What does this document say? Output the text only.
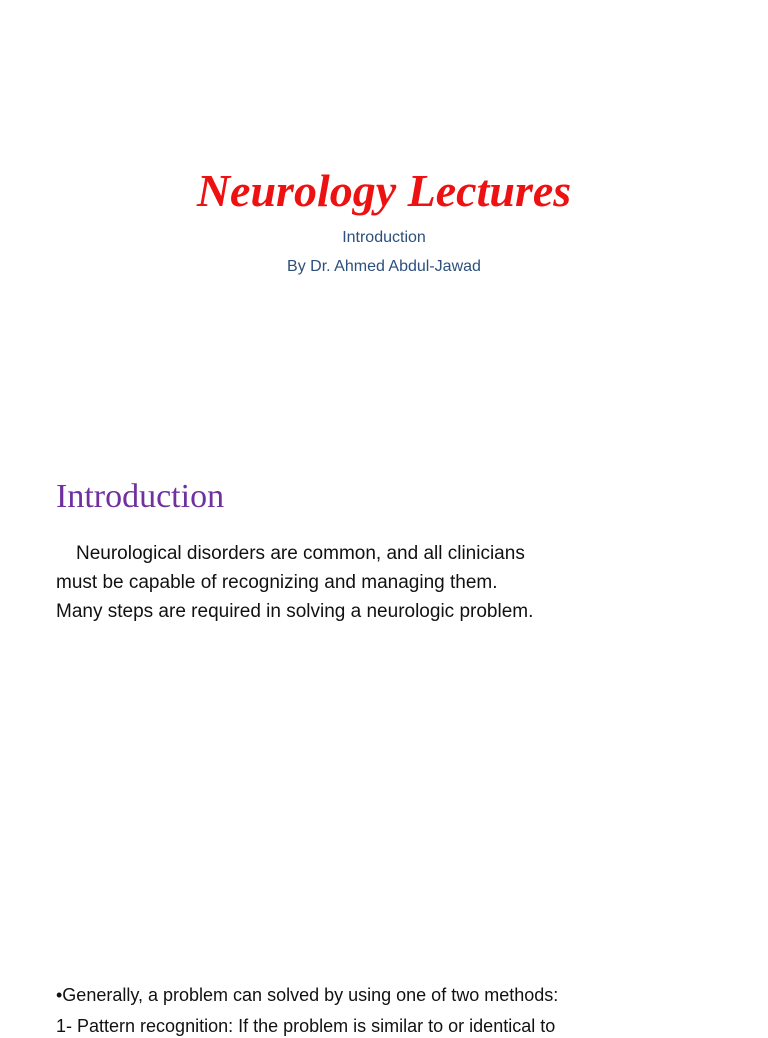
Neurology Lectures
Introduction
By Dr. Ahmed Abdul-Jawad
Introduction
Neurological disorders are common, and all clinicians
must be capable of recognizing and managing them.
Many steps are required in solving a neurologic problem.
•Generally, a problem can solved by using one of two methods:
1- Pattern recognition: If the problem is similar to or identical to
